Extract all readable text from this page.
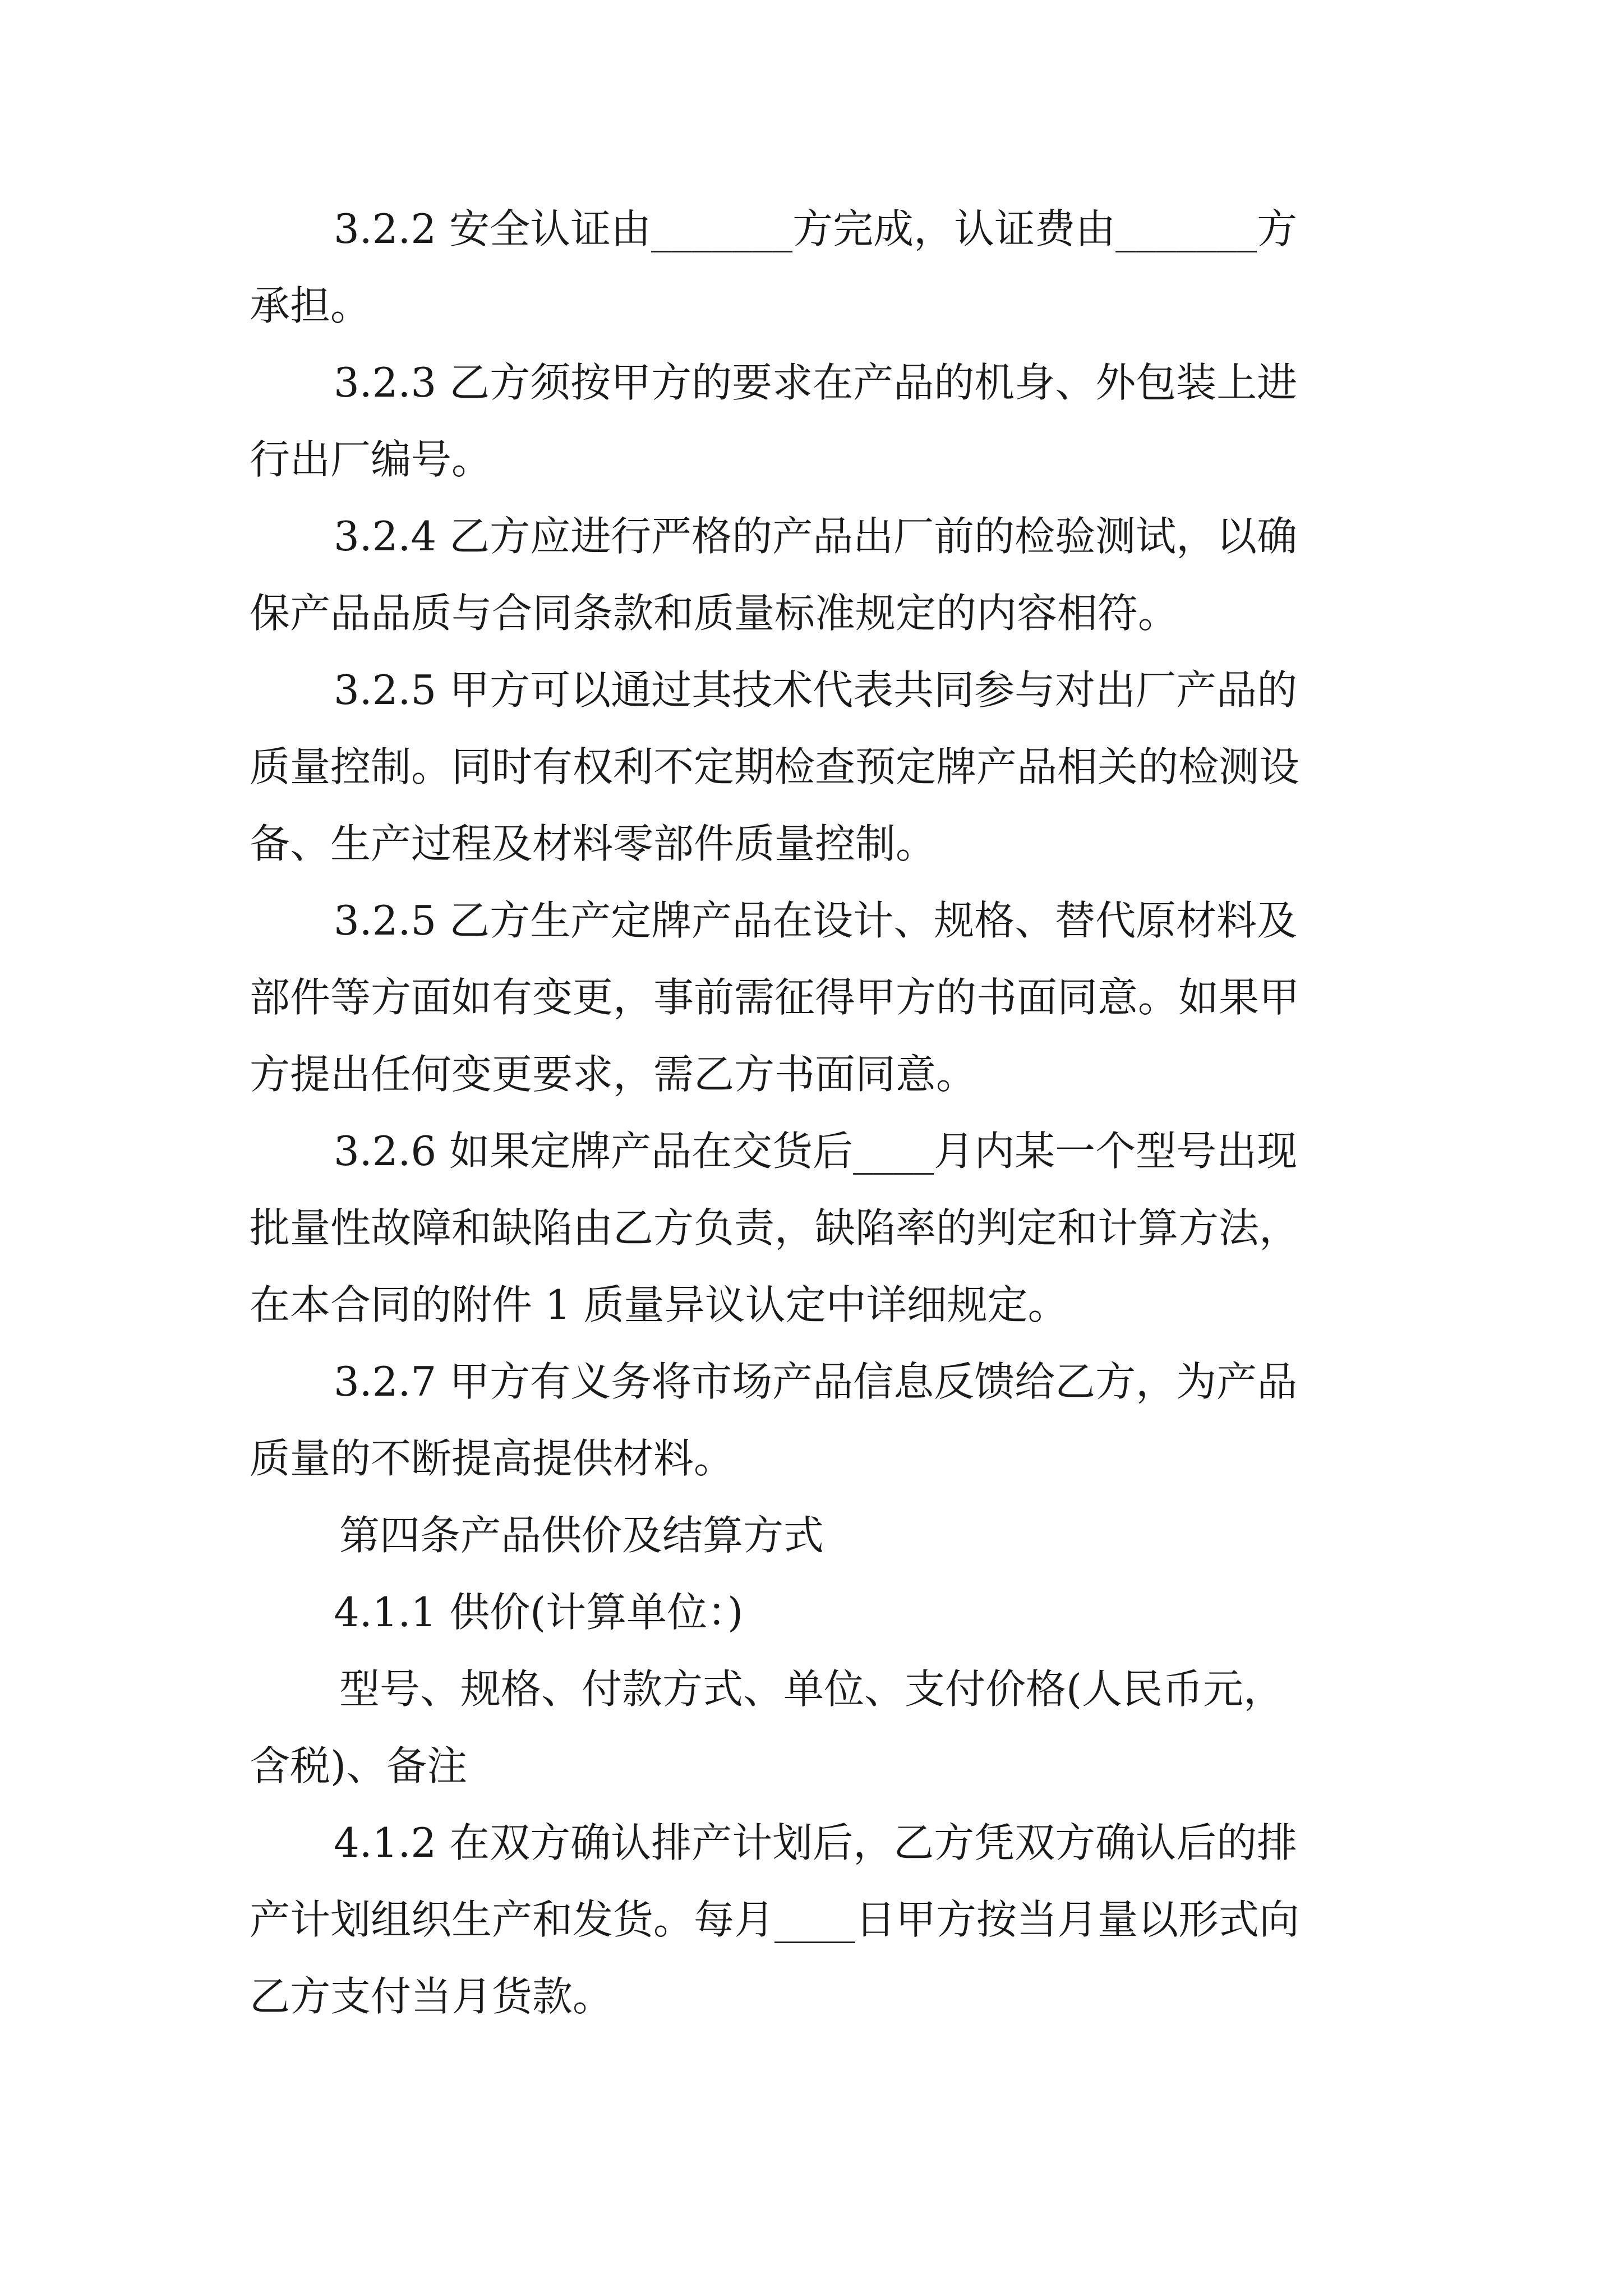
3.2.2 安全认证由_______方完成，认证费由_______方
承担。
3.2.3 乙方须按甲方的要求在产品的机身、外包装上进
行出厂编号。
3.2.4 乙方应进行严格的产品出厂前的检验测试，以确
保产品品质与合同条款和质量标准规定的内容相符。
3.2.5 甲方可以通过其技术代表共同参与对出厂产品的
质量控制。同时有权利不定期检查预定牌产品相关的检测设
备、生产过程及材料零部件质量控制。
3.2.5 乙方生产定牌产品在设计、规格、替代原材料及
部件等方面如有变更，事前需征得甲方的书面同意。如果甲
方提出任何变更要求，需乙方书面同意。
3.2.6 如果定牌产品在交货后____月内某一个型号出现
批量性故障和缺陷由乙方负责，缺陷率的判定和计算方法，
在本合同的附件 1 质量异议认定中详细规定。
3.2.7 甲方有义务将市场产品信息反馈给乙方，为产品
质量的不断提高提供材料。
第四条产品供价及结算方式
4.1.1 供价(计算单位：)
型号、规格、付款方式、单位、支付价格(人民币元，
含税)、备注
4.1.2 在双方确认排产计划后，乙方凭双方确认后的排
产计划组织生产和发货。每月____日甲方按当月量以形式向
乙方支付当月货款。
